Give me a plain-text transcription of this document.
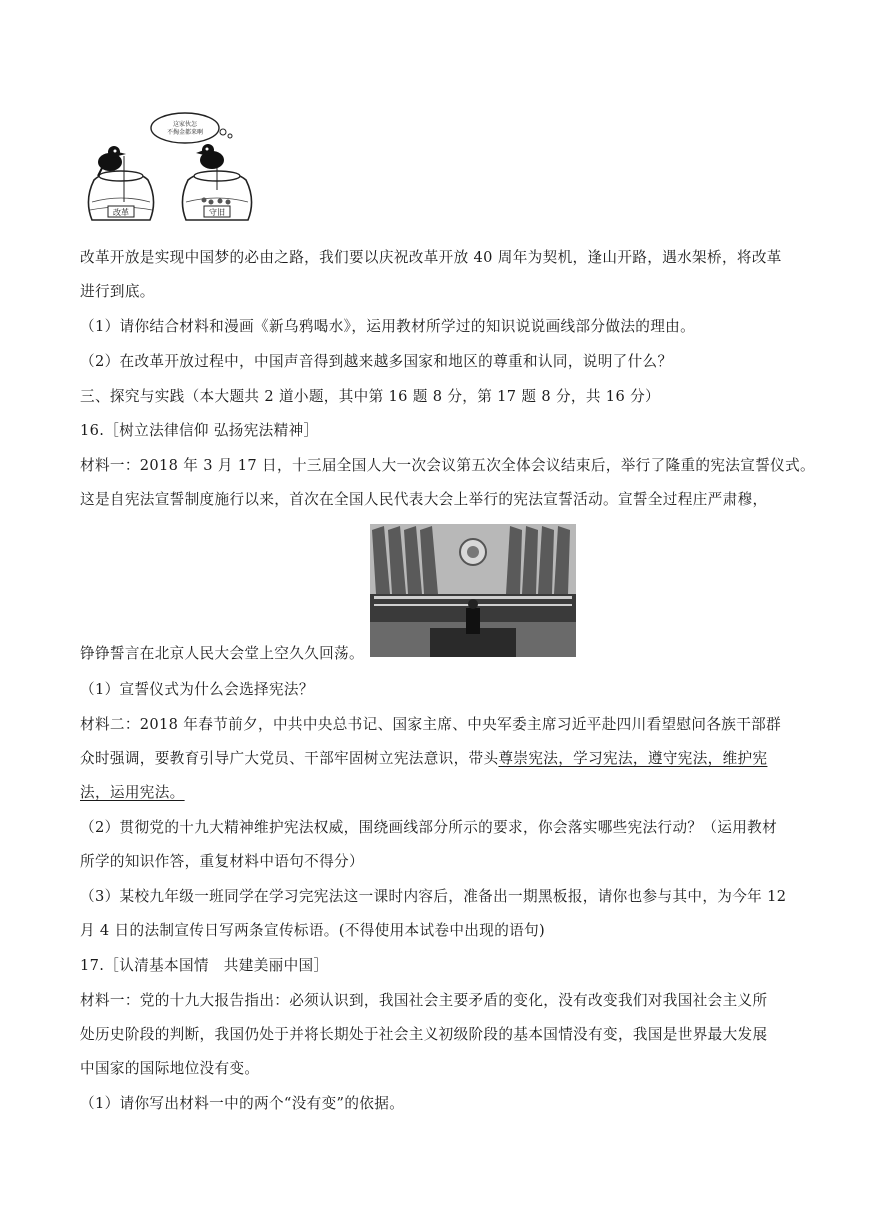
这家伙怎
不掏金都来啊
改革	守旧
改革开放是实现中国梦的必由之路，我们要以庆祝改革开放 40 周年为契机，逢山开路，遇水架桥，将改革
进行到底。
（1）请你结合材料和漫画《新乌鸦喝水》，运用教材所学过的知识说说画线部分做法的理由。
（2）在改革开放过程中，中国声音得到越来越多国家和地区的尊重和认同，说明了什么？
三、探究与实践（本大题共 2 道小题，其中第 16 题 8 分，第 17 题 8 分，共 16 分）
16.［树立法律信仰 弘扬宪法精神］
材料一：2018 年 3 月 17 日，十三届全国人大一次会议第五次全体会议结束后，举行了隆重的宪法宣誓仪式。
这是自宪法宣誓制度施行以来，首次在全国人民代表大会上举行的宪法宣誓活动。宣誓全过程庄严肃穆，
铮铮誓言在北京人民大会堂上空久久回荡。
（1）宣誓仪式为什么会选择宪法？
材料二：2018 年春节前夕，中共中央总书记、国家主席、中央军委主席习近平赴四川看望慰问各族干部群
众时强调，要教育引导广大党员、干部牢固树立宪法意识，带头尊崇宪法，学习宪法，遵守宪法，维护宪
法，运用宪法。
（2）贯彻党的十九大精神维护宪法权威，围绕画线部分所示的要求，你会落实哪些宪法行动？（运用教材
所学的知识作答，重复材料中语句不得分）
（3）某校九年级一班同学在学习完宪法这一课时内容后，准备出一期黑板报，请你也参与其中，为今年 12
月 4 日的法制宣传日写两条宣传标语。(不得使用本试卷中出现的语句)
17.［认清基本国情　共建美丽中国］
材料一：党的十九大报告指出：必须认识到，我国社会主要矛盾的变化，没有改变我们对我国社会主义所
处历史阶段的判断，我国仍处于并将长期处于社会主义初级阶段的基本国情没有变，我国是世界最大发展
中国家的国际地位没有变。
（1）请你写出材料一中的两个“没有变”的依据。
